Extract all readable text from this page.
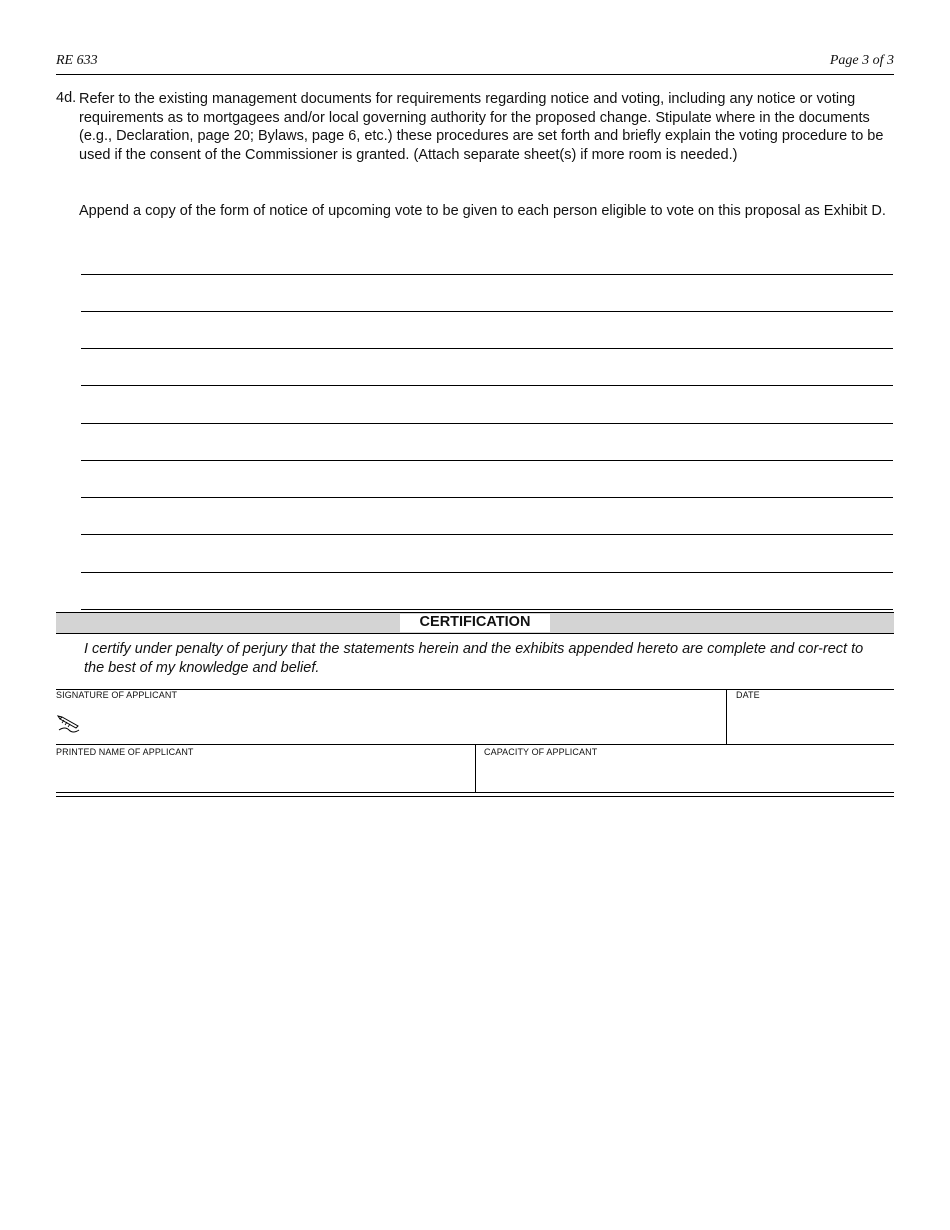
RE 633	Page 3 of 3
4d. Refer to the existing management documents for requirements regarding notice and voting, including any notice or voting requirements as to mortgagees and/or local governing authority for the proposed change. Stipulate where in the documents (e.g., Declaration, page 20; Bylaws, page 6, etc.) these procedures are set forth and briefly explain the voting procedure to be used if the consent of the Commissioner is granted. (Attach separate sheet(s) if more room is needed.)

Append a copy of the form of notice of upcoming vote to be given to each person eligible to vote on this proposal as Exhibit D.

CERTIFICATION

I certify under penalty of perjury that the statements herein and the exhibits appended hereto are complete and cor-rect to the best of my knowledge and belief.

SIGNATURE OF APPLICANT	DATE
PRINTED NAME OF APPLICANT	CAPACITY OF APPLICANT
